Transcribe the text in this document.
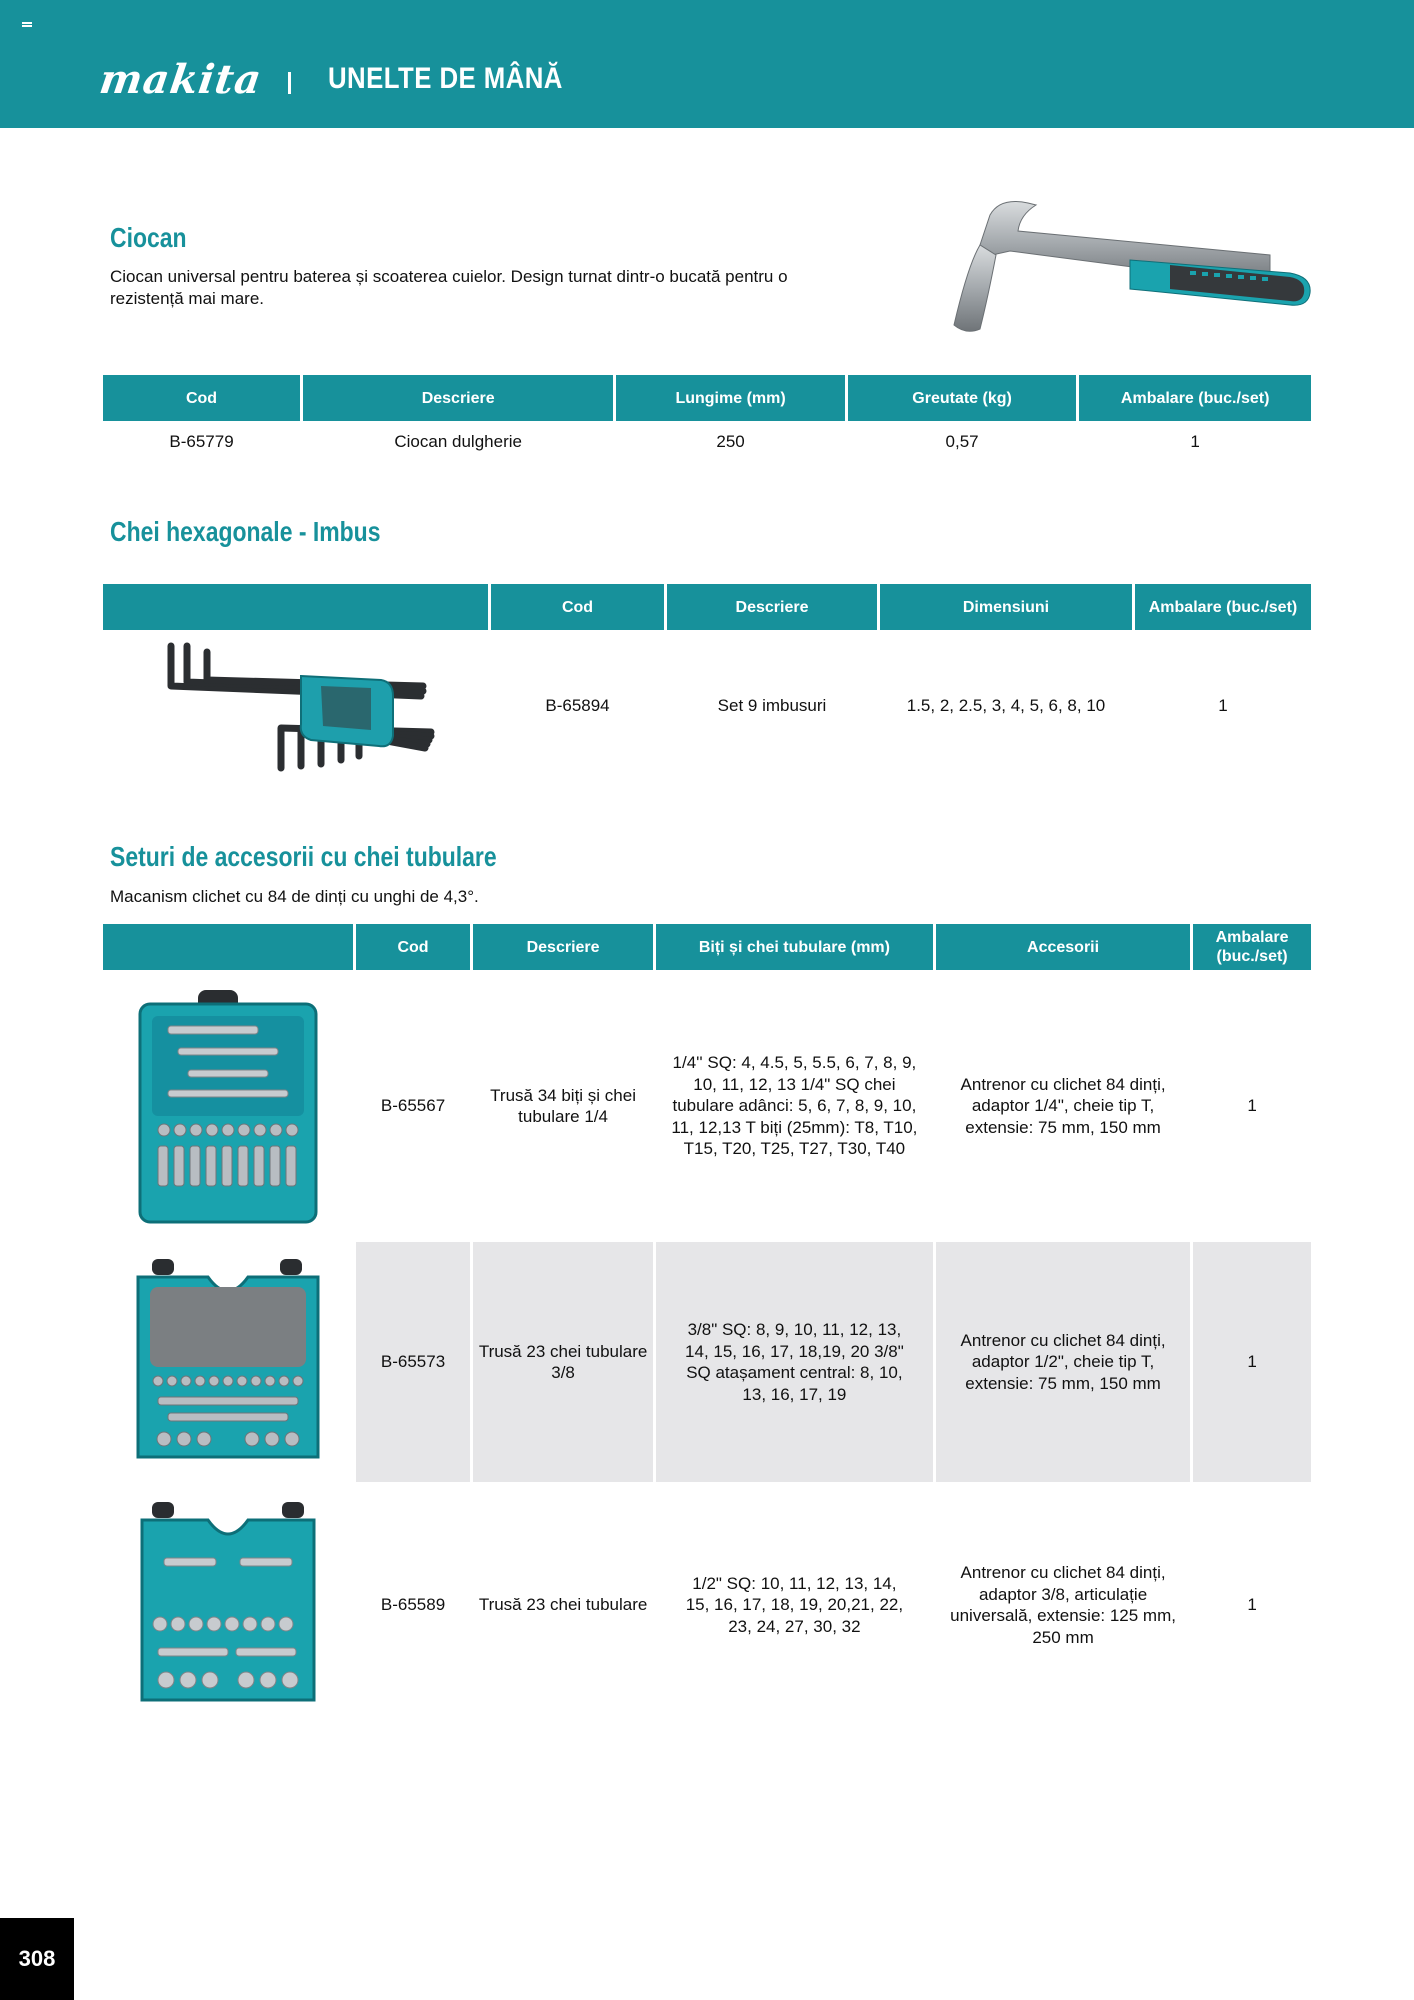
makita UNELTE DE MÂNĂ
Ciocan
Ciocan universal pentru baterea și scoaterea cuielor. Design turnat dintr-o bucată pentru o rezistență mai mare.
Cod	Descriere	Lungime (mm)	Greutate (kg)	Ambalare (buc./set)
B-65779	Ciocan dulgherie	250	0,57	1
Chei hexagonale - Imbus
	Cod	Descriere	Dimensiuni	Ambalare (buc./set)

	B-65894	Set 9 imbusuri	1.5, 2, 2.5, 3, 4, 5, 6, 8, 10	1
Seturi de accesorii cu chei tubulare
Macanism clichet cu 84 de dinți cu unghi de 4,3°.
	Cod	Descriere	Biți și chei tubulare (mm)	Accesorii	Ambalare (buc./set)

	B-65567	Trusă 34 biți și chei tubulare 1/4	1/4'' SQ: 4, 4.5, 5, 5.5, 6, 7, 8, 9, 10, 11, 12, 13 1/4" SQ chei tubulare adânci: 5, 6, 7, 8, 9, 10, 11, 12,13 T biți (25mm): T8, T10, T15, T20, T25, T27, T30, T40	Antrenor cu clichet 84 dinți, adaptor 1/4", cheie tip T, extensie: 75 mm, 150 mm	1

	B-65573	Trusă 23 chei tubulare 3/8	3/8" SQ: 8, 9, 10, 11, 12, 13, 14, 15, 16, 17, 18,19, 20 3/8" SQ atașament central: 8, 10, 13, 16, 17, 19	Antrenor cu clichet 84 dinți, adaptor 1/2", cheie tip T, extensie: 75 mm, 150 mm	1

	B-65589	Trusă 23 chei tubulare	1/2" SQ: 10, 11, 12, 13, 14, 15, 16, 17, 18, 19, 20,21, 22, 23, 24, 27, 30, 32	Antrenor cu clichet 84 dinți, adaptor 3/8, articulație universală, extensie: 125 mm, 250 mm	1
308
